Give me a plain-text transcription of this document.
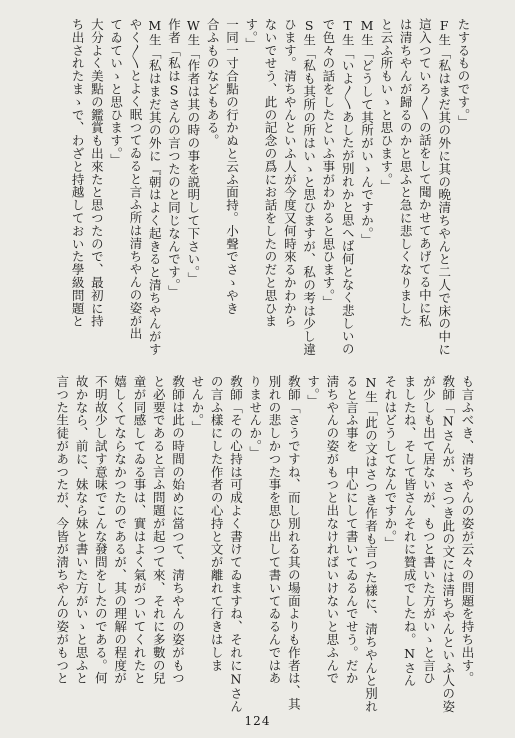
たするものです。」
F生「私はまだ其の外に其の晩清ちやんと二人で床の中に
這入つていろ〳〵の話をして聞かせてあげてる中に私
は清ちやんが歸るのかと思ふと急に悲しくなりました
と云ふ所もいゝと思ひます。」
M生「どうして其所がいゝんですか。」
T生「いよ〳〵あしたが別れかと思へば何となく悲しいの
で色々の話をしたといふ事がわかると思ひます。」
S生「私も其所の所はいゝと思ひますが、私の考は少し違
ひます。清ちやんといふ人が今度又何時來るかわから
ないでせう、此の記念の爲にお話をしたのだと思ひま
す。」
一同一寸合點の行かぬと云ふ面持。小聲でさゝやき
合ふものなどもある。
W生「作者は其の時の事を説明して下さい。」
作者「私はSさんの言つたのと同じなんです。」
M生「私はまだ其の外に『朝はよく起きると清ちやんがす
やく〳〵とよく眠つてゐると言ふ所は清ちやんの姿が出
てゐていゝと思ひます。」
大分よく美點の鑑賞も出來たと思つたので、最初に持
ち出されたまゝで、わざと持越しておいた學級問題と
も言ふべき、清ちやんの姿が云々の問題を持ち出す。
敎師「Nさんが、さつき此の文には清ちやんといふ人の姿
が少しも出て居ないが、もつと書いた方がいゝと言ひ
ましたね、そして皆さんそれに贊成でしたね。Nさん
それはどうしてなんですか。」
N生「此の文はさつき作者も言つた樣に、淸ちやんと別れ
ると言ふ事を　中心にして書いてゐるんでせう。だか
淸ちやんの姿がもつと出なければいけないと思ふんで
す。」
敎師「さうですね、而し別れる其の場面よりも作者は、其
別れの悲しかつた事を思ひ出して書いてゐるんではあ
りませんか。」
敎師「その心持は可成よく書けてゐますね、それにNさん
の言ふ樣にした作者の心持と文が離れて行きはしま
せんか。」
敎師は此の時間の始めに當つて、淸ちやんの姿がもつ
と必要であると言ふ問題が起つて來、それに多數の兒
童が同感してゐる事は、實はよく氣がついてくれたと
嬉しくてならなかつたのであるが、其の理解の程度が
不明故少し試す意味でこんな發問をしたのである。何
故かなら、前に、妹なら妹と書いた方がいゝと思ふと
言つた生徒があつたが、今皆が淸ちやんの姿がもつと
124
